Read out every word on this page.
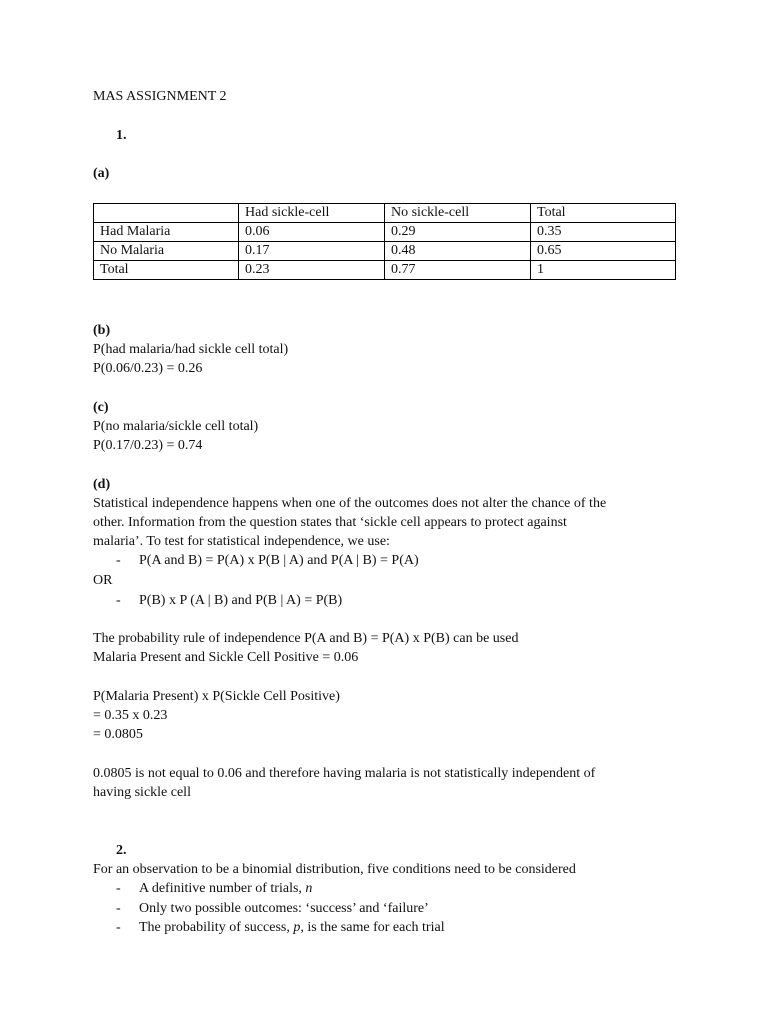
MAS ASSIGNMENT 2
1.
(a)
	Had sickle-cell	No sickle-cell	Total
Had Malaria	0.06	0.29	0.35
No Malaria	0.17	0.48	0.65
Total	0.23	0.77	1
(b)
P(had malaria/had sickle cell total)
P(0.06/0.23) = 0.26
(c)
P(no malaria/sickle cell total)
P(0.17/0.23) = 0.74
(d)
Statistical independence happens when one of the outcomes does not alter the chance of the
other. Information from the question states that ‘sickle cell appears to protect against
malaria’. To test for statistical independence, we use:
-	P(A and B) = P(A) x P(B | A) and P(A | B) = P(A)
OR
-	P(B) x P (A | B) and P(B | A) = P(B)
The probability rule of independence P(A and B) = P(A) x P(B) can be used
Malaria Present and Sickle Cell Positive = 0.06
P(Malaria Present) x P(Sickle Cell Positive)
= 0.35 x 0.23
= 0.0805
0.0805 is not equal to 0.06 and therefore having malaria is not statistically independent of
having sickle cell
2.
For an observation to be a binomial distribution, five conditions need to be considered
-	A definitive number of trials, n
-	Only two possible outcomes: ‘success’ and ‘failure’
-	The probability of success, p, is the same for each trial
